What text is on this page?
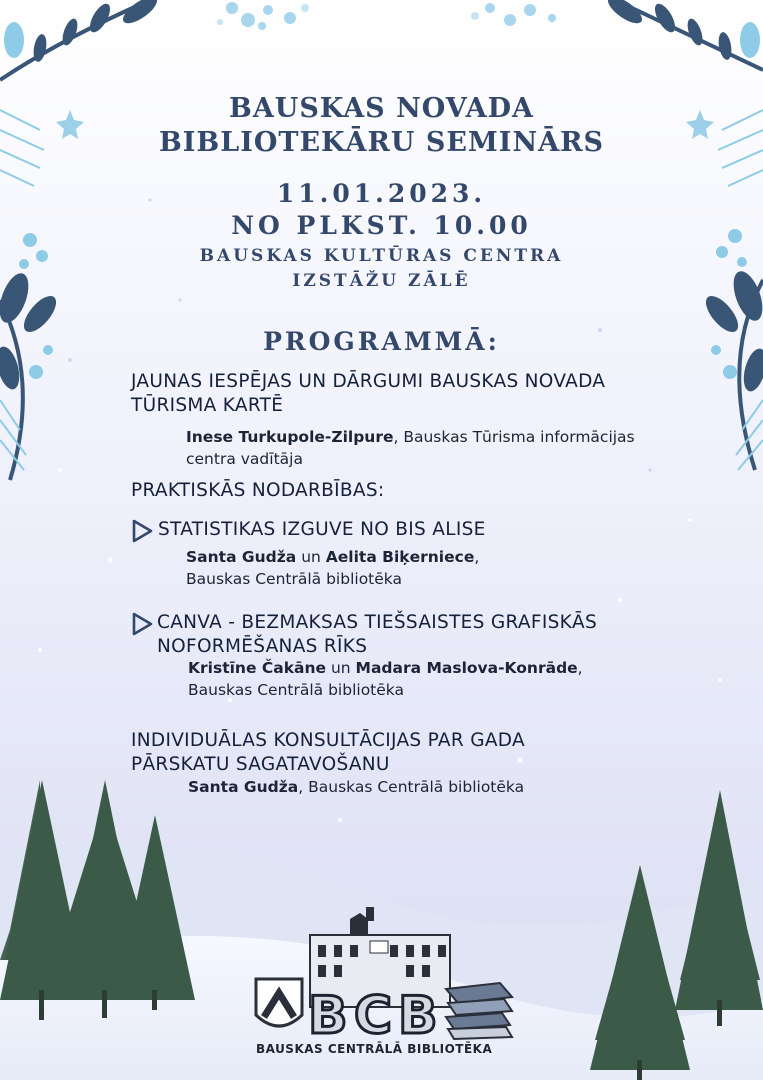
BAUSKAS NOVADA
BIBLIOTEKĀRU SEMINĀRS
11.01.2023.
NO PLKST. 10.00
BAUSKAS KULTŪRAS CENTRA
IZSTĀŽU ZĀLĒ
PROGRAMMĀ:
JAUNAS IESPĒJAS UN DĀRGUMI BAUSKAS NOVADA
TŪRISMA KARTĒ
Inese Turkupole-Zilpure, Bauskas Tūrisma informācijas
centra vadītāja
PRAKTISKĀS NODARBĪBAS:
STATISTIKAS IZGUVE NO BIS ALISE
Santa Gudža un Aelita Biķerniece,
Bauskas Centrālā bibliotēka
CANVA - BEZMAKSAS TIEŠSAISTES GRAFISKĀS
NOFORMĒŠANAS RĪKS
Kristīne Čakāne un Madara Maslova-Konrāde,
Bauskas Centrālā bibliotēka
INDIVIDUĀLAS KONSULTĀCIJAS PAR GADA
PĀRSKATU SAGATAVOŠANU
Santa Gudža, Bauskas Centrālā bibliotēka
B C B
BAUSKAS CENTRĀLĀ BIBLIOTĒKA
